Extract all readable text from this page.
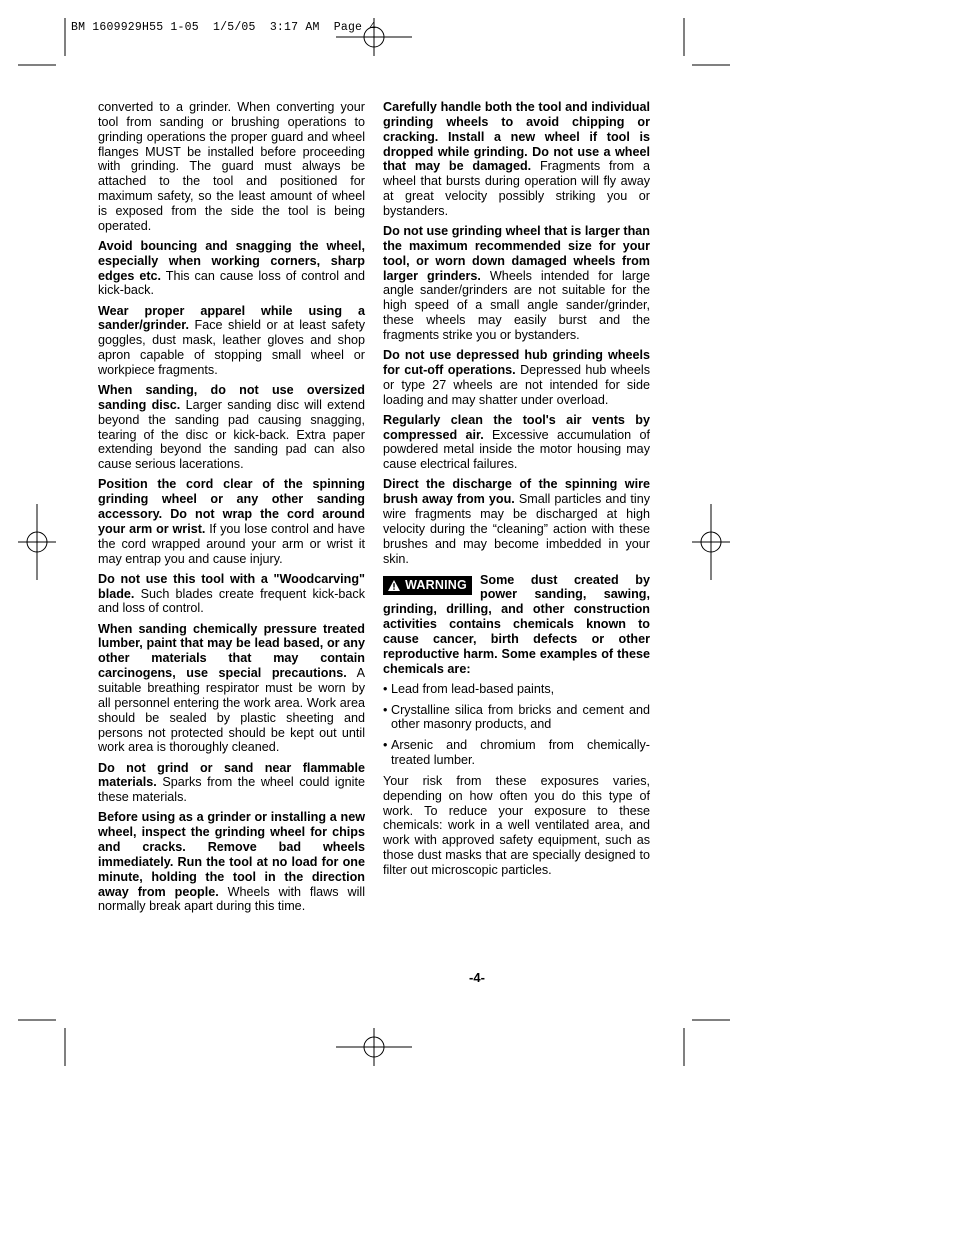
BM 1609929H55 1-05  1/5/05  3:17 AM  Page 4

converted to a grinder. When converting your tool from sanding or brushing operations to grinding operations the proper guard and wheel flanges MUST be installed before proceeding with grinding. The guard must always be attached to the tool and positioned for maximum safety, so the least amount of wheel is exposed from the side the tool is being operated.

Avoid bouncing and snagging the wheel, especially when working corners, sharp edges etc. This can cause loss of control and kick-back.

Wear proper apparel while using a sander/grinder. Face shield or at least safety goggles, dust mask, leather gloves and shop apron capable of stopping small wheel or workpiece fragments.

When sanding, do not use oversized sanding disc. Larger sanding disc will extend beyond the sanding pad causing snagging, tearing of the disc or kick-back. Extra paper extending beyond the sanding pad can also cause serious lacerations.

Position the cord clear of the spinning grinding wheel or any other sanding accessory. Do not wrap the cord around your arm or wrist. If you lose control and have the cord wrapped around your arm or wrist it may entrap you and cause injury.

Do not use this tool with a "Woodcarving" blade. Such blades create frequent kick-back and loss of control.

When sanding chemically pressure treated lumber, paint that may be lead based, or any other materials that may contain carcinogens, use special precautions. A suitable breathing respirator must be worn by all personnel entering the work area. Work area should be sealed by plastic sheeting and persons not protected should be kept out until work area is thoroughly cleaned.

Do not grind or sand near flammable materials. Sparks from the wheel could ignite these materials.

Before using as a grinder or installing a new wheel, inspect the grinding wheel for chips and cracks. Remove bad wheels immediately. Run the tool at no load for one minute, holding the tool in the direction away from people. Wheels with flaws will normally break apart during this time.

Carefully handle both the tool and individual grinding wheels to avoid chipping or cracking. Install a new wheel if tool is dropped while grinding. Do not use a wheel that may be damaged. Fragments from a wheel that bursts during operation will fly away at great velocity possibly striking you or bystanders.

Do not use grinding wheel that is larger than the maximum recommended size for your tool, or worn down damaged wheels from larger grinders. Wheels intended for large angle sander/grinders are not suitable for the high speed of a small angle sander/grinder, these wheels may easily burst and the fragments strike you or bystanders.

Do not use depressed hub grinding wheels for cut-off operations. Depressed hub wheels or type 27 wheels are not intended for side loading and may shatter under overload.

Regularly clean the tool's air vents by compressed air. Excessive accumulation of powdered metal inside the motor housing may cause electrical failures.

Direct the discharge of the spinning wire brush away from you. Small particles and tiny wire fragments may be discharged at high velocity during the “cleaning” action with these brushes and may become imbedded in your skin.

WARNING Some dust created by power sanding, sawing, grinding, drilling, and other construction activities contains chemicals known to cause cancer, birth defects or other reproductive harm. Some examples of these chemicals are:

• Lead from lead-based paints,
• Crystalline silica from bricks and cement and other masonry products, and
• Arsenic and chromium from chemically-treated lumber.

Your risk from these exposures varies, depending on how often you do this type of work. To reduce your exposure to these chemicals: work in a well ventilated area, and work with approved safety equipment, such as those dust masks that are specially designed to filter out microscopic particles.

-4-
